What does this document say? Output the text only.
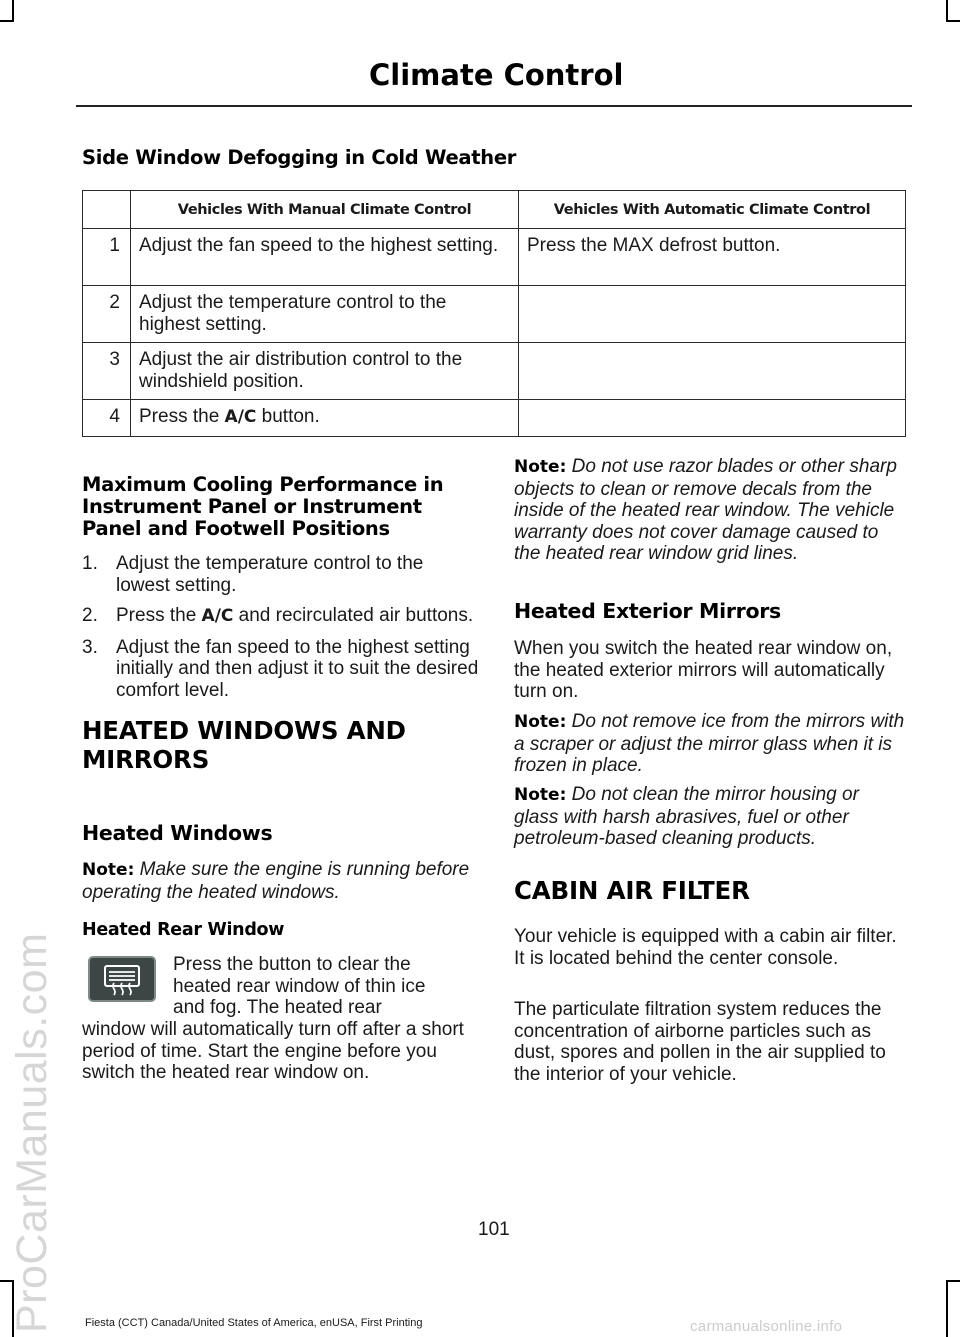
ProCarManuals.com
Climate Control
Side Window Defogging in Cold Weather
	Vehicles With Manual Climate Control	Vehicles With Automatic Climate Control
1	Adjust the fan speed to the highest setting.	Press the MAX defrost button.
2	Adjust the temperature control to the highest setting.	
3	Adjust the air distribution control to the windshield position.	
4	Press the A/C button.	
Maximum Cooling Performance in Instrument Panel or Instrument Panel and Footwell Positions
1. Adjust the temperature control to the lowest setting.
2. Press the A/C and recirculated air buttons.
3. Adjust the fan speed to the highest setting initially and then adjust it to suit the desired comfort level.
HEATED WINDOWS AND
MIRRORS
Heated Windows
Note: Make sure the engine is running before operating the heated windows.
Heated Rear Window
Press the button to clear the
heated rear window of thin ice
and fog. The heated rear
window will automatically turn off after a short period of time. Start the engine before you switch the heated rear window on.
Note: Do not use razor blades or other sharp objects to clean or remove decals from the inside of the heated rear window. The vehicle warranty does not cover damage caused to the heated rear window grid lines.
Heated Exterior Mirrors
When you switch the heated rear window on, the heated exterior mirrors will automatically turn on.
Note: Do not remove ice from the mirrors with a scraper or adjust the mirror glass when it is frozen in place.
Note: Do not clean the mirror housing or glass with harsh abrasives, fuel or other petroleum-based cleaning products.
CABIN AIR FILTER
Your vehicle is equipped with a cabin air filter. It is located behind the center console.
The particulate filtration system reduces the concentration of airborne particles such as dust, spores and pollen in the air supplied to the interior of your vehicle.
101
Fiesta (CCT) Canada/United States of America, enUSA, First Printing	carmanualsonline.info
